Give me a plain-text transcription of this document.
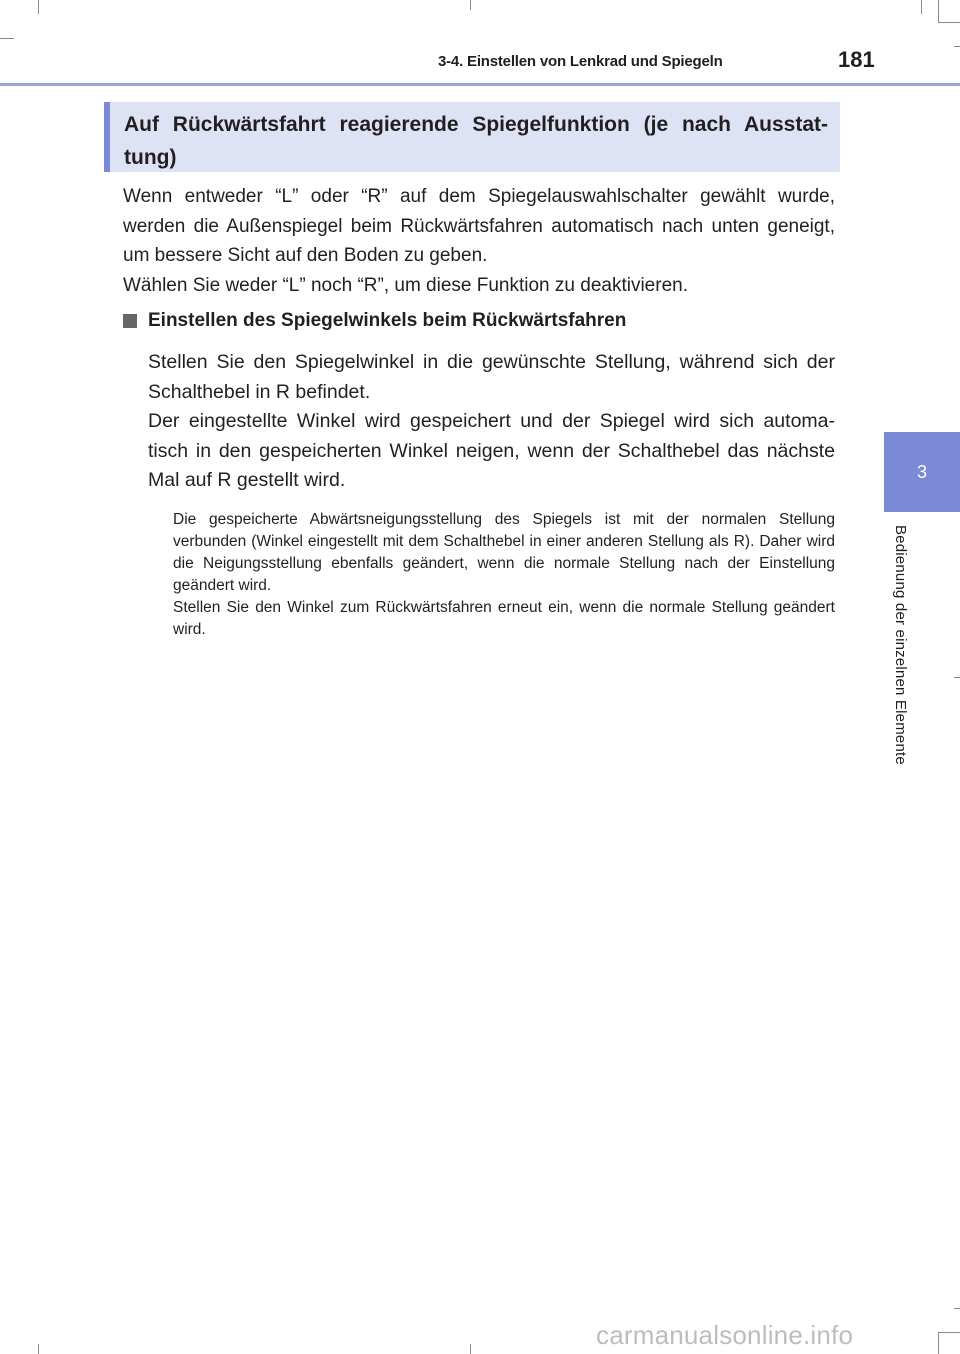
3-4. Einstellen von Lenkrad und Spiegeln	181
3
Bedienung der einzelnen Elemente

Auf Rückwärtsfahrt reagierende Spiegelfunktion (je nach Ausstat-tung)

Wenn entweder “L” oder “R” auf dem Spiegelauswahlschalter gewählt wurde, werden die Außenspiegel beim Rückwärtsfahren automatisch nach unten geneigt, um bessere Sicht auf den Boden zu geben.

Wählen Sie weder “L” noch “R”, um diese Funktion zu deaktivieren.

Einstellen des Spiegelwinkels beim Rückwärtsfahren

Stellen Sie den Spiegelwinkel in die gewünschte Stellung, während sich der Schalthebel in R befindet.

Der eingestellte Winkel wird gespeichert und der Spiegel wird sich automa-tisch in den gespeicherten Winkel neigen, wenn der Schalthebel das nächste Mal auf R gestellt wird.

Die gespeicherte Abwärtsneigungsstellung des Spiegels ist mit der normalen Stellung verbunden (Winkel eingestellt mit dem Schalthebel in einer anderen Stellung als R). Daher wird die Neigungsstellung ebenfalls geändert, wenn die normale Stellung nach der Einstellung geändert wird.

Stellen Sie den Winkel zum Rückwärtsfahren erneut ein, wenn die normale Stellung geändert wird.

carmanualsonline.info
